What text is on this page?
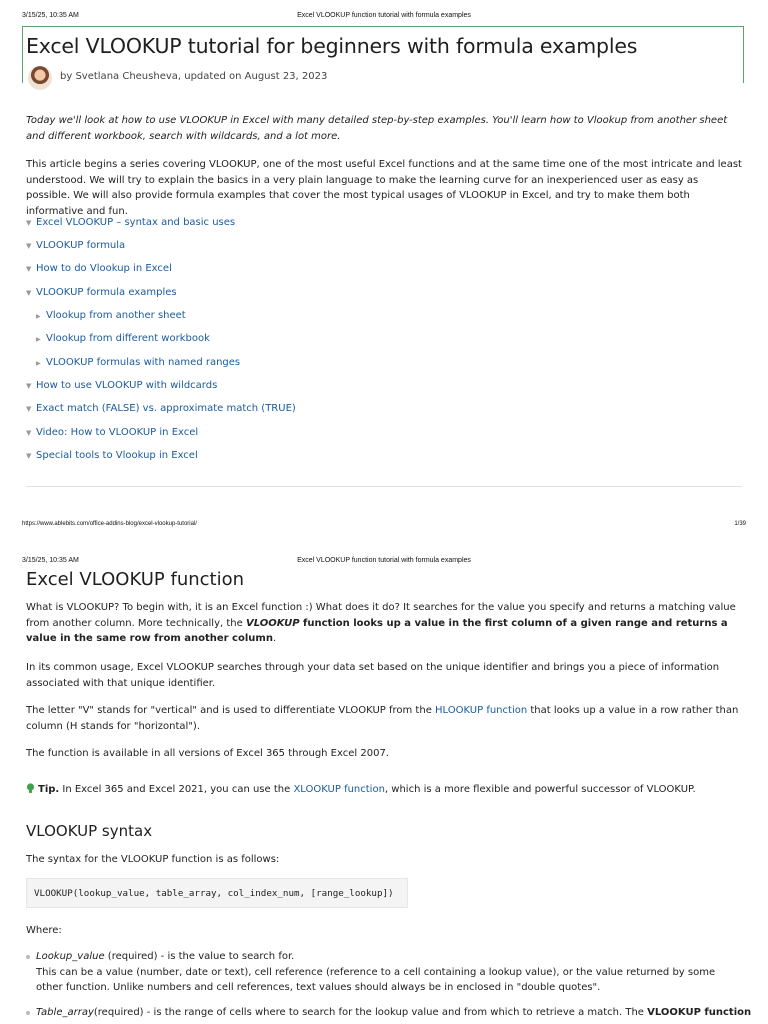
3/15/25, 10:35 AM	Excel VLOOKUP function tutorial with formula examples
Excel VLOOKUP tutorial for beginners with formula examples
by Svetlana Cheusheva, updated on August 23, 2023

Today we'll look at how to use VLOOKUP in Excel with many detailed step-by-step examples. You'll learn how to Vlookup from another sheet and different workbook, search with wildcards, and a lot more.

This article begins a series covering VLOOKUP, one of the most useful Excel functions and at the same time one of the most intricate and least understood. We will try to explain the basics in a very plain language to make the learning curve for an inexperienced user as easy as possible. We will also provide formula examples that cover the most typical usages of VLOOKUP in Excel, and try to make them both informative and fun.

▼ Excel VLOOKUP – syntax and basic uses
▼ VLOOKUP formula
▼ How to do Vlookup in Excel
▼ VLOOKUP formula examples
▶ Vlookup from another sheet
▶ Vlookup from different workbook
▶ VLOOKUP formulas with named ranges
▼ How to use VLOOKUP with wildcards
▼ Exact match (FALSE) vs. approximate match (TRUE)
▼ Video: How to VLOOKUP in Excel
▼ Special tools to Vlookup in Excel
https://www.ablebits.com/office-addins-blog/excel-vlookup-tutorial/	1/39
3/15/25, 10:35 AM	Excel VLOOKUP function tutorial with formula examples
Excel VLOOKUP function

What is VLOOKUP? To begin with, it is an Excel function :) What does it do? It searches for the value you specify and returns a matching value from another column. More technically, the VLOOKUP function looks up a value in the first column of a given range and returns a value in the same row from another column.

In its common usage, Excel VLOOKUP searches through your data set based on the unique identifier and brings you a piece of information associated with that unique identifier.

The letter "V" stands for "vertical" and is used to differentiate VLOOKUP from the HLOOKUP function that looks up a value in a row rather than column (H stands for "horizontal").

The function is available in all versions of Excel 365 through Excel 2007.

Tip. In Excel 365 and Excel 2021, you can use the XLOOKUP function, which is a more flexible and powerful successor of VLOOKUP.

VLOOKUP syntax

The syntax for the VLOOKUP function is as follows:

VLOOKUP(lookup_value, table_array, col_index_num, [range_lookup])

Where:

Lookup_value (required) - is the value to search for.
This can be a value (number, date or text), cell reference (reference to a cell containing a lookup value), or the value returned by some other function. Unlike numbers and cell references, text values should always be in enclosed in "double quotes".
Table_array(required) - is the range of cells where to search for the lookup value and from which to retrieve a match. The VLOOKUP function
